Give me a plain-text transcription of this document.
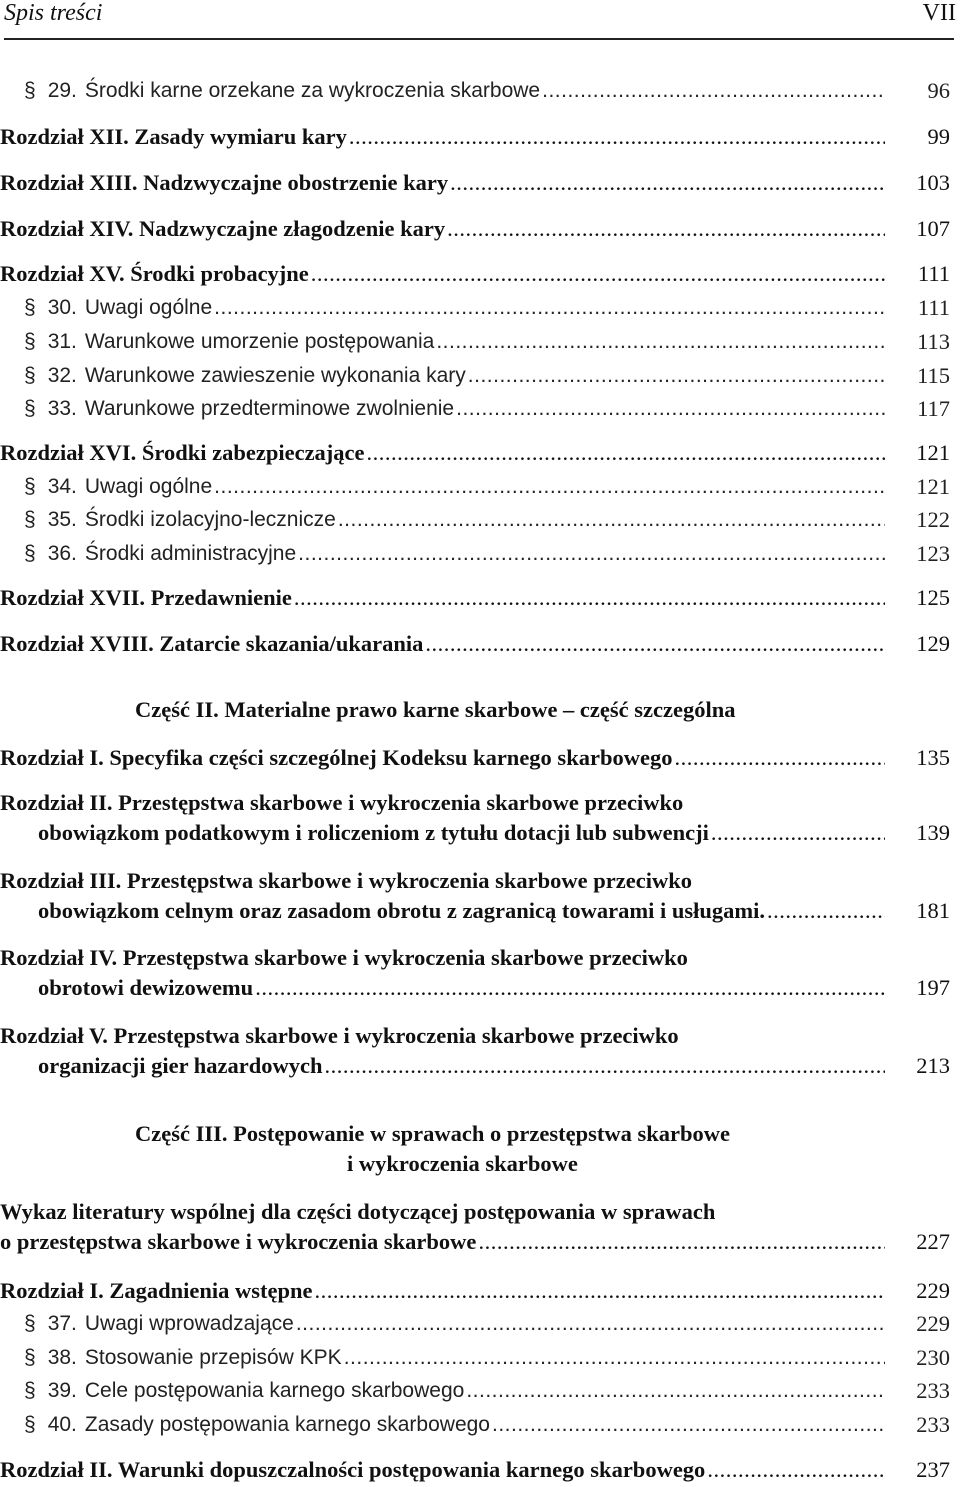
Spis treści	VII
§ 29. Środki karne orzekane za wykroczenia skarbowe .....	96
Rozdział XII. Zasady wymiaru kary .....	99
Rozdział XIII. Nadzwyczajne obostrzenie kary .....	103
Rozdział XIV. Nadzwyczajne złagodzenie kary .....	107
Rozdział XV. Środki probacyjne .....	111
§ 30. Uwagi ogólne .....	111
§ 31. Warunkowe umorzenie postępowania .....	113
§ 32. Warunkowe zawieszenie wykonania kary .....	115
§ 33. Warunkowe przedterminowe zwolnienie .....	117
Rozdział XVI. Środki zabezpieczające .....	121
§ 34. Uwagi ogólne .....	121
§ 35. Środki izolacyjno-lecznicze .....	122
§ 36. Środki administracyjne .....	123
Rozdział XVII. Przedawnienie .....	125
Rozdział XVIII. Zatarcie skazania/ukarania .....	129
Część II. Materialne prawo karne skarbowe – część szczególna
Rozdział I. Specyfika części szczególnej Kodeksu karnego skarbowego .....	135
Rozdział II. Przestępstwa skarbowe i wykroczenia skarbowe przeciwko
obowiązkom podatkowym i roliczeniom z tytułu dotacji lub subwencji .....	139
Rozdział III. Przestępstwa skarbowe i wykroczenia skarbowe przeciwko
obowiązkom celnym oraz zasadom obrotu z zagranicą towarami i usługami. .....	181
Rozdział IV. Przestępstwa skarbowe i wykroczenia skarbowe przeciwko
obrotowi dewizowemu .....	197
Rozdział V. Przestępstwa skarbowe i wykroczenia skarbowe przeciwko
organizacji gier hazardowych .....	213
Część III. Postępowanie w sprawach o przestępstwa skarbowe
i wykroczenia skarbowe
Wykaz literatury wspólnej dla części dotyczącej postępowania w sprawach
o przestępstwa skarbowe i wykroczenia skarbowe .....	227
Rozdział I. Zagadnienia wstępne .....	229
§ 37. Uwagi wprowadzające .....	229
§ 38. Stosowanie przepisów KPK .....	230
§ 39. Cele postępowania karnego skarbowego .....	233
§ 40. Zasady postępowania karnego skarbowego .....	233
Rozdział II. Warunki dopuszczalności postępowania karnego skarbowego .....	237
